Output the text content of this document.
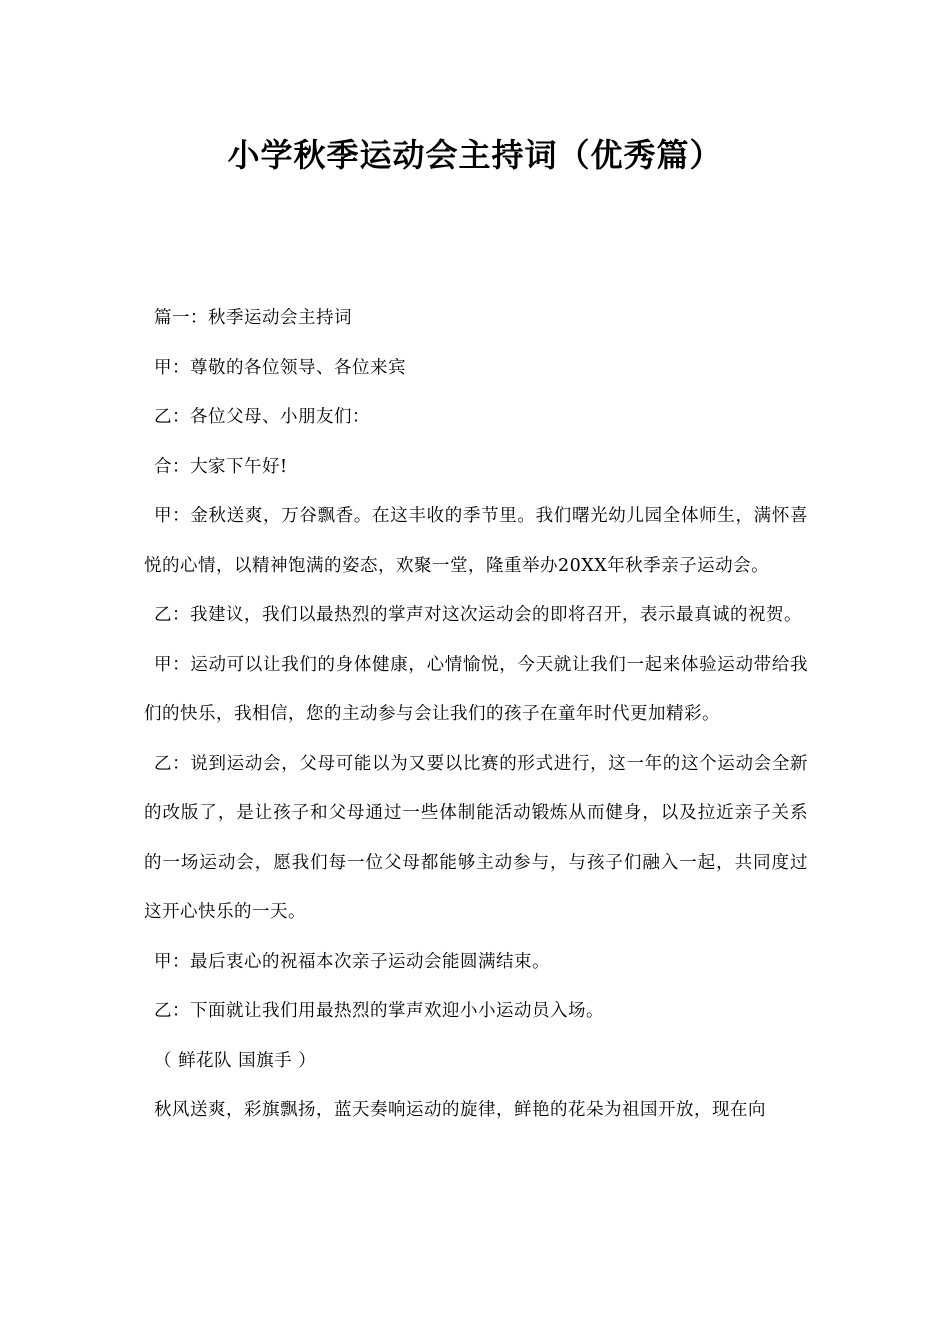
小学秋季运动会主持词（优秀篇）

篇一：秋季运动会主持词

甲：尊敬的各位领导、各位来宾

乙：各位父母、小朋友们：

合：大家下午好!

甲：金秋送爽，万谷飘香。在这丰收的季节里。我们曙光幼儿园全体师生，满怀喜悦的心情，以精神饱满的姿态，欢聚一堂，隆重举办20XX年秋季亲子运动会。

乙：我建议，我们以最热烈的掌声对这次运动会的即将召开，表示最真诚的祝贺。

甲：运动可以让我们的身体健康，心情愉悦，今天就让我们一起来体验运动带给我们的快乐，我相信，您的主动参与会让我们的孩子在童年时代更加精彩。

乙：说到运动会，父母可能以为又要以比赛的形式进行，这一年的这个运动会全新的改版了，是让孩子和父母通过一些体制能活动锻炼从而健身，以及拉近亲子关系的一场运动会，愿我们每一位父母都能够主动参与，与孩子们融入一起，共同度过这开心快乐的一天。

甲：最后衷心的祝福本次亲子运动会能圆满结束。

乙：下面就让我们用最热烈的掌声欢迎小小运动员入场。

（ 鲜花队 国旗手 ）

秋风送爽，彩旗飘扬，蓝天奏响运动的旋律，鲜艳的花朵为祖国开放，现在向
